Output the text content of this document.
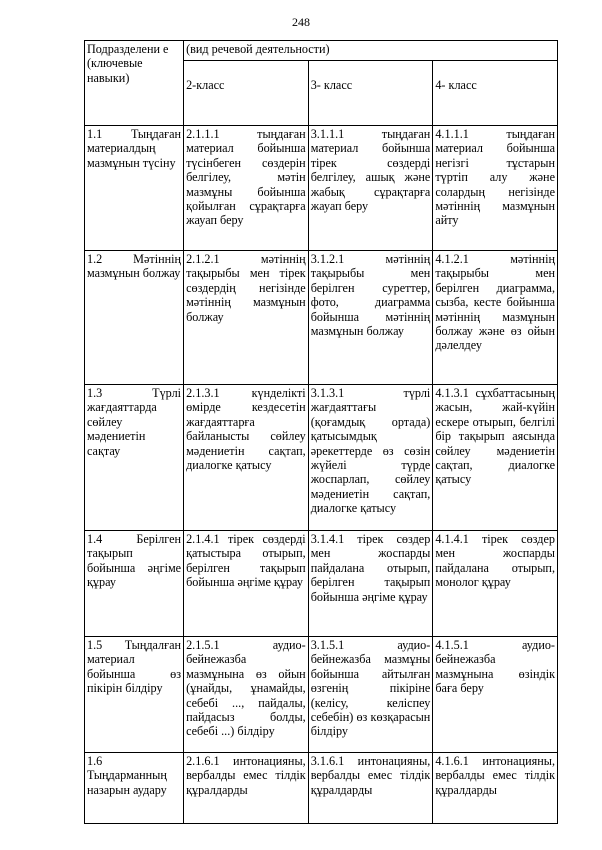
248
Подразделени е (ключевые навыки)	(вид речевой деятельности)		
	2-класс	3- класс	4- класс
1.1 Тыңдаған материалдың мазмұнын түсіну	2.1.1.1 тыңдаған материал бойынша түсінбеген сөздерін белгілеу, мәтін мазмұны бойынша қойылған сұрақтарға жауап беру	3.1.1.1 тыңдаған материал бойынша тірек сөздерді белгілеу, ашық және жабық сұрақтарға жауап беру	4.1.1.1 тыңдаған материал бойынша негізгі тұстарын түртіп алу және солардың негізінде мәтіннің мазмұнын айту
1.2 Мәтіннің мазмұнын болжау	2.1.2.1 мәтіннің тақырыбы мен тірек сөздердің негізінде мәтіннің мазмұнын болжау	3.1.2.1 мәтіннің тақырыбы мен берілген суреттер, фото, диаграмма бойынша мәтіннің мазмұнын болжау	4.1.2.1 мәтіннің тақырыбы мен берілген диаграмма, сызба, кесте бойынша мәтіннің мазмұнын болжау және өз ойын дәлелдеу
1.3 Түрлі жағдаяттарда сөйлеу мәдениетін сақтау	2.1.3.1 күнделікті өмірде кездесетін жағдаяттарға байланысты сөйлеу мәдениетін сақтап, диалогке қатысу	3.1.3.1 түрлі жағдаяттағы (қоғамдық ортада) қатысымдық әрекеттерде өз сөзін жүйелі түрде жоспарлап, сөйлеу мәдениетін сақтап, диалогке қатысу	4.1.3.1 сұхбаттасының жасын, жай-күйін ескере отырып, белгілі бір тақырып аясында сөйлеу мәдениетін сақтап, диалогке қатысу
1.4 Берілген тақырып бойынша әңгіме құрау	2.1.4.1 тірек сөздерді қатыстыра отырып, берілген тақырып бойынша әңгіме құрау	3.1.4.1 тірек сөздер мен жоспарды пайдалана отырып, берілген тақырып бойынша әңгіме құрау	4.1.4.1 тірек сөздер мен жоспарды пайдалана отырып, монолог құрау
1.5 Тыңдалған материал бойынша өз пікірін білдіру	2.1.5.1 аудио-бейнежазба мазмұнына өз ойын (ұнайды, ұнамайды, себебі ..., пайдалы, пайдасыз болды, себебі ...) білдіру	3.1.5.1 аудио-бейнежазба мазмұны бойынша айтылған өзгенің пікіріне (келісу, келіспеу себебін) өз көзқарасын білдіру	4.1.5.1 аудио-бейнежазба мазмұнына өзіндік баға беру
1.6 Тыңдарманның назарын аудару	2.1.6.1 интонацияны, вербалды емес тілдік құралдарды	3.1.6.1 интонацияны, вербалды емес тілдік құралдарды	4.1.6.1 интонацияны, вербалды емес тілдік құралдарды
